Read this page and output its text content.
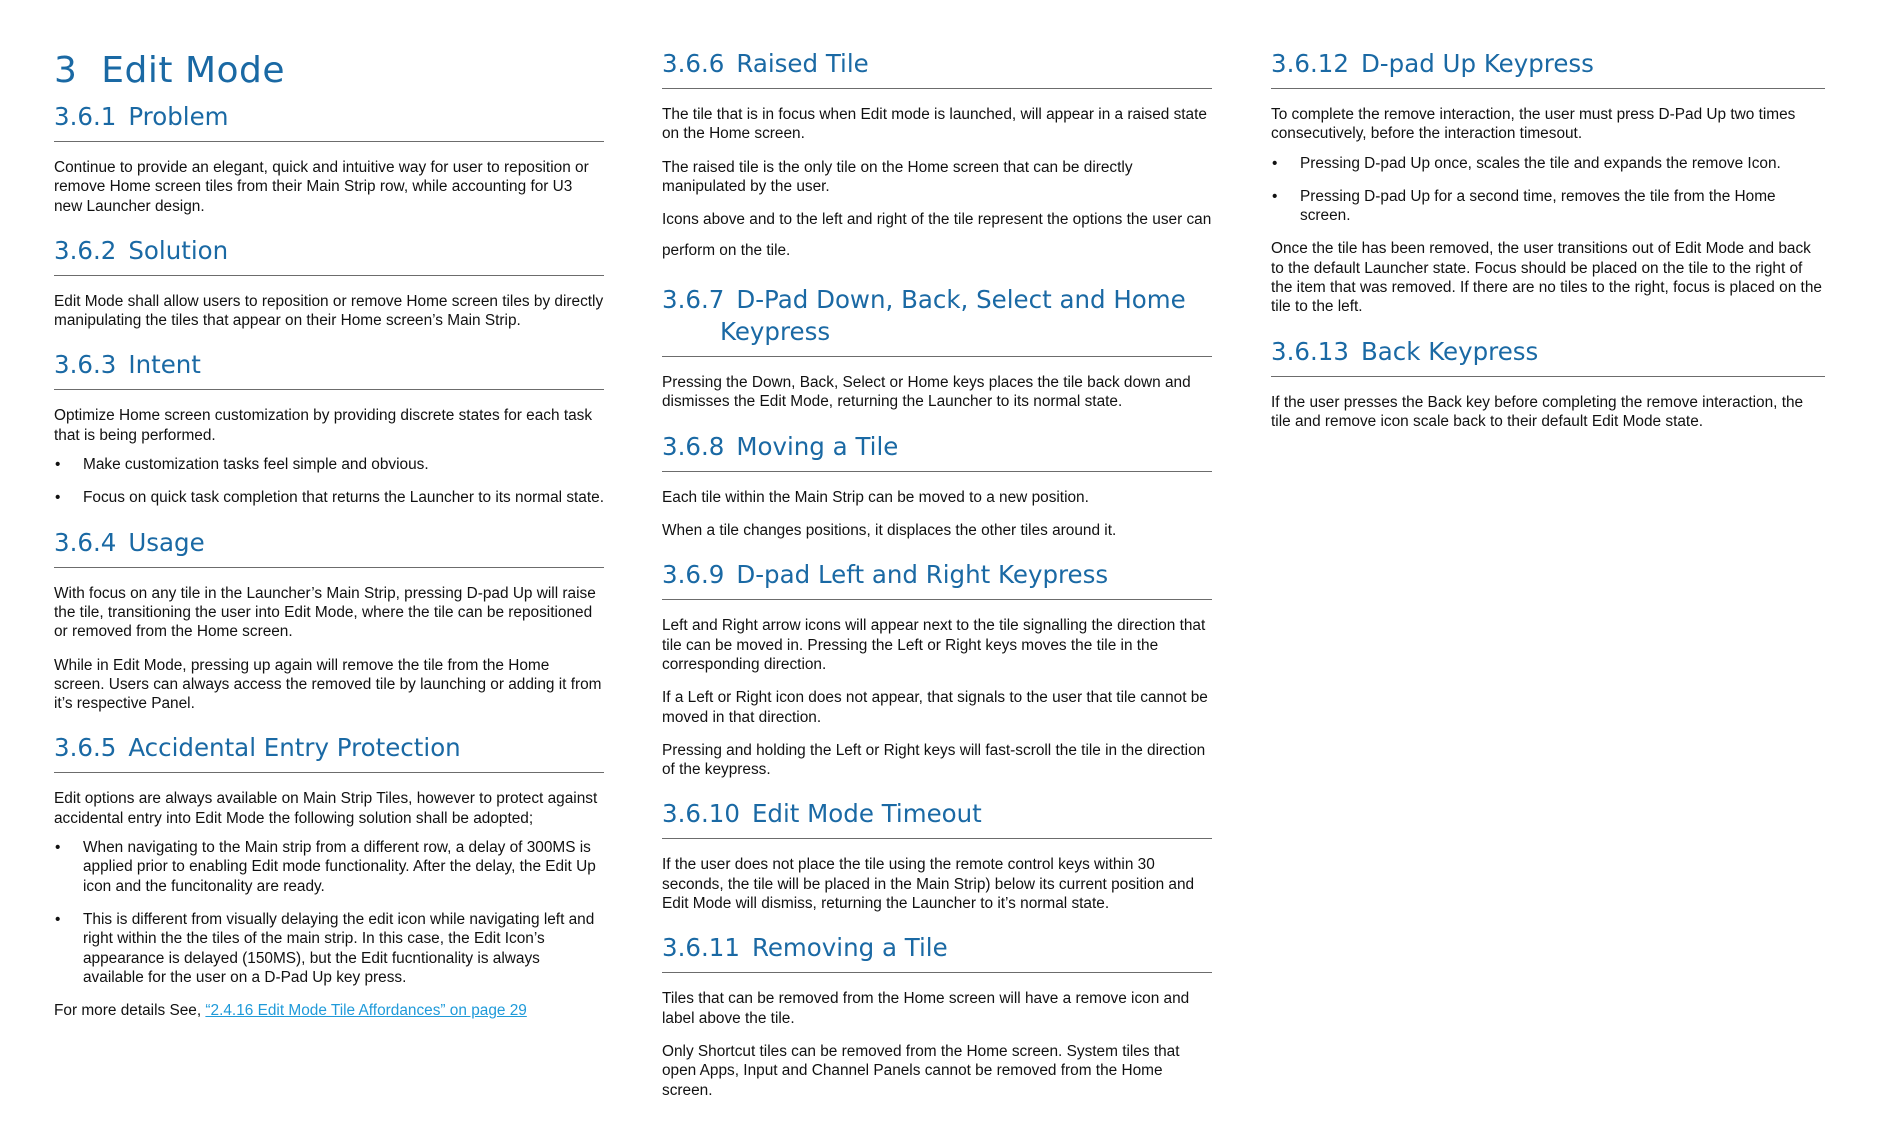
3 Edit Mode
3.6.1 Problem

Continue to provide an elegant, quick and intuitive way for user to reposition or remove Home screen tiles from their Main Strip row, while accounting for U3 new Launcher design.

3.6.2 Solution

Edit Mode shall allow users to reposition or remove Home screen tiles by directly manipulating the tiles that appear on their Home screen’s Main Strip.

3.6.3 Intent

Optimize Home screen customization by providing discrete states for each task that is being performed.

• Make customization tasks feel simple and obvious.
• Focus on quick task completion that returns the Launcher to its normal state.
3.6.4 Usage

With focus on any tile in the Launcher’s Main Strip, pressing D-pad Up will raise the tile, transitioning the user into Edit Mode, where the tile can be repositioned or removed from the Home screen.

While in Edit Mode, pressing up again will remove the tile from the Home screen. Users can always access the removed tile by launching or adding it from it’s respective Panel.

3.6.5 Accidental Entry Protection

Edit options are always available on Main Strip Tiles, however to protect against accidental entry into Edit Mode the following solution shall be adopted;

• When navigating to the Main strip from a different row, a delay of 300MS is applied prior to enabling Edit mode functionality. After the delay, the Edit Up icon and the funcitonality are ready.
• This is different from visually delaying the edit icon while navigating left and right within the the tiles of the main strip. In this case, the Edit Icon’s appearance is delayed (150MS), but the Edit fucntionality is always available for the user on a D-Pad Up key press.

For more details See, “2.4.16 Edit Mode Tile Affordances” on page 29

3.6.6 Raised Tile

The tile that is in focus when Edit mode is launched, will appear in a raised state on the Home screen.

The raised tile is the only tile on the Home screen that can be directly manipulated by the user.

Icons above and to the left and right of the tile represent the options the user can perform on the tile.

3.6.7 D-Pad Down, Back, Select and Home
Keypress

Pressing the Down, Back, Select or Home keys places the tile back down and dismisses the Edit Mode, returning the Launcher to its normal state.

3.6.8 Moving a Tile

Each tile within the Main Strip can be moved to a new position.

When a tile changes positions, it displaces the other tiles around it.

3.6.9 D-pad Left and Right Keypress

Left and Right arrow icons will appear next to the tile signalling the direction that tile can be moved in. Pressing the Left or Right keys moves the tile in the corresponding direction.

If a Left or Right icon does not appear, that signals to the user that tile cannot be moved in that direction.

Pressing and holding the Left or Right keys will fast-scroll the tile in the direction of the keypress.

3.6.10 Edit Mode Timeout

If the user does not place the tile using the remote control keys within 30 seconds, the tile will be placed in the Main Strip) below its current position and Edit Mode will dismiss, returning the Launcher to it’s normal state.

3.6.11 Removing a Tile

Tiles that can be removed from the Home screen will have a remove icon and label above the tile.

Only Shortcut tiles can be removed from the Home screen. System tiles that open Apps, Input and Channel Panels cannot be removed from the Home screen.

3.6.12 D-pad Up Keypress

To complete the remove interaction, the user must press D-Pad Up two times consecutively, before the interaction timesout.

• Pressing D-pad Up once, scales the tile and expands the remove Icon.
• Pressing D-pad Up for a second time, removes the tile from the Home screen.

Once the tile has been removed, the user transitions out of Edit Mode and back to the default Launcher state. Focus should be placed on the tile to the right of the item that was removed. If there are no tiles to the right, focus is placed on the tile to the left.

3.6.13 Back Keypress

If the user presses the Back key before completing the remove interaction, the tile and remove icon scale back to their default Edit Mode state.
